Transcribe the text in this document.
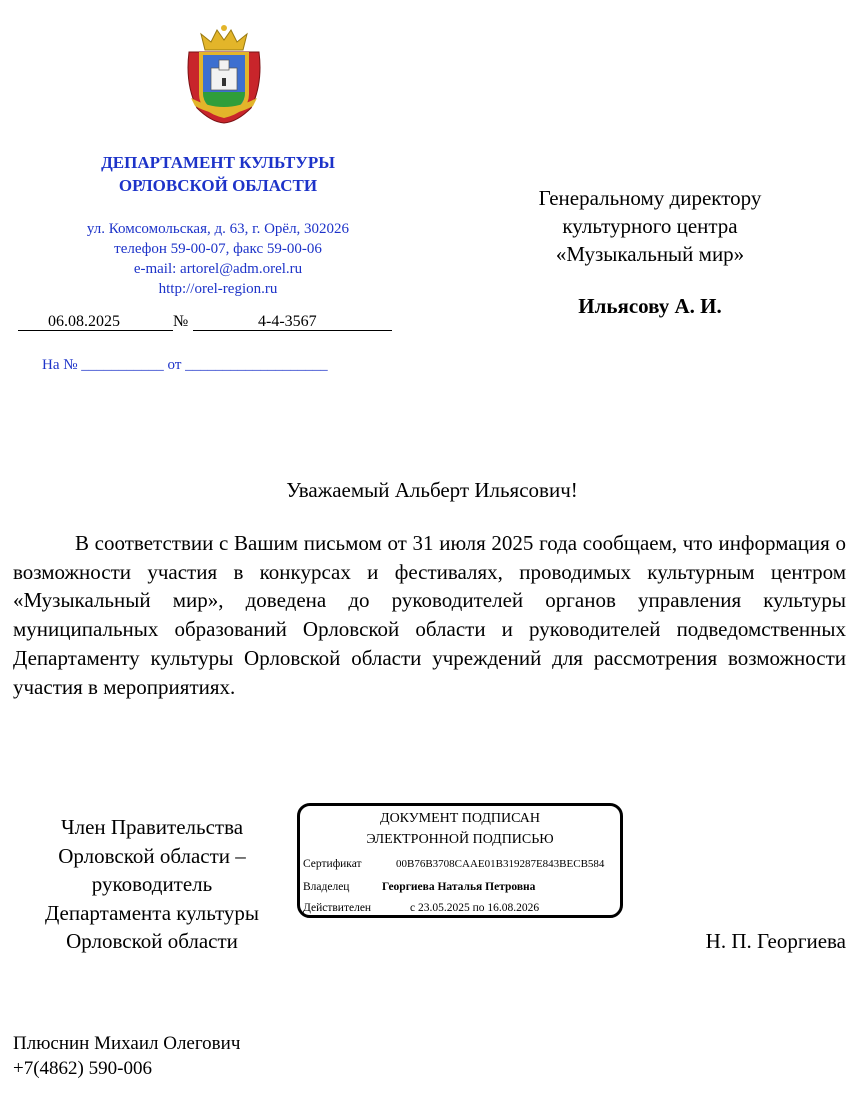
ДЕПАРТАМЕНТ КУЛЬТУРЫ
ОРЛОВСКОЙ ОБЛАСТИ
ул. Комсомольская, д. 63, г. Орёл, 302026
телефон 59-00-07, факс 59-00-06
e-mail: artorel@adm.orel.ru
http://orel-region.ru
06.08.2025	№	4-4-3567
На № ___________ от ___________________
Генеральному директору
культурного центра
«Музыкальный мир»
Ильясову А. И.
Уважаемый Альберт Ильясович!
В соответствии с Вашим письмом от 31 июля 2025 года сообщаем, что информация о возможности участия в конкурсах и фестивалях, проводимых культурным центром «Музыкальный мир», доведена до руководителей органов управления культуры муниципальных образований Орловской области и руководителей подведомственных Департаменту культуры Орловской области учреждений для рассмотрения возможности участия в мероприятиях.
Член Правительства
Орловской области –
руководитель
Департамента культуры
Орловской области	Н. П. Георгиева
ДОКУМЕНТ ПОДПИСАН
ЭЛЕКТРОННОЙ ПОДПИСЬЮ
Сертификат	00B76B3708CAAE01B319287E843BECB584
Владелец	Георгиева Наталья Петровна
Действителен	с 23.05.2025 по 16.08.2026
Плюснин Михаил Олегович
+7(4862) 590-006
